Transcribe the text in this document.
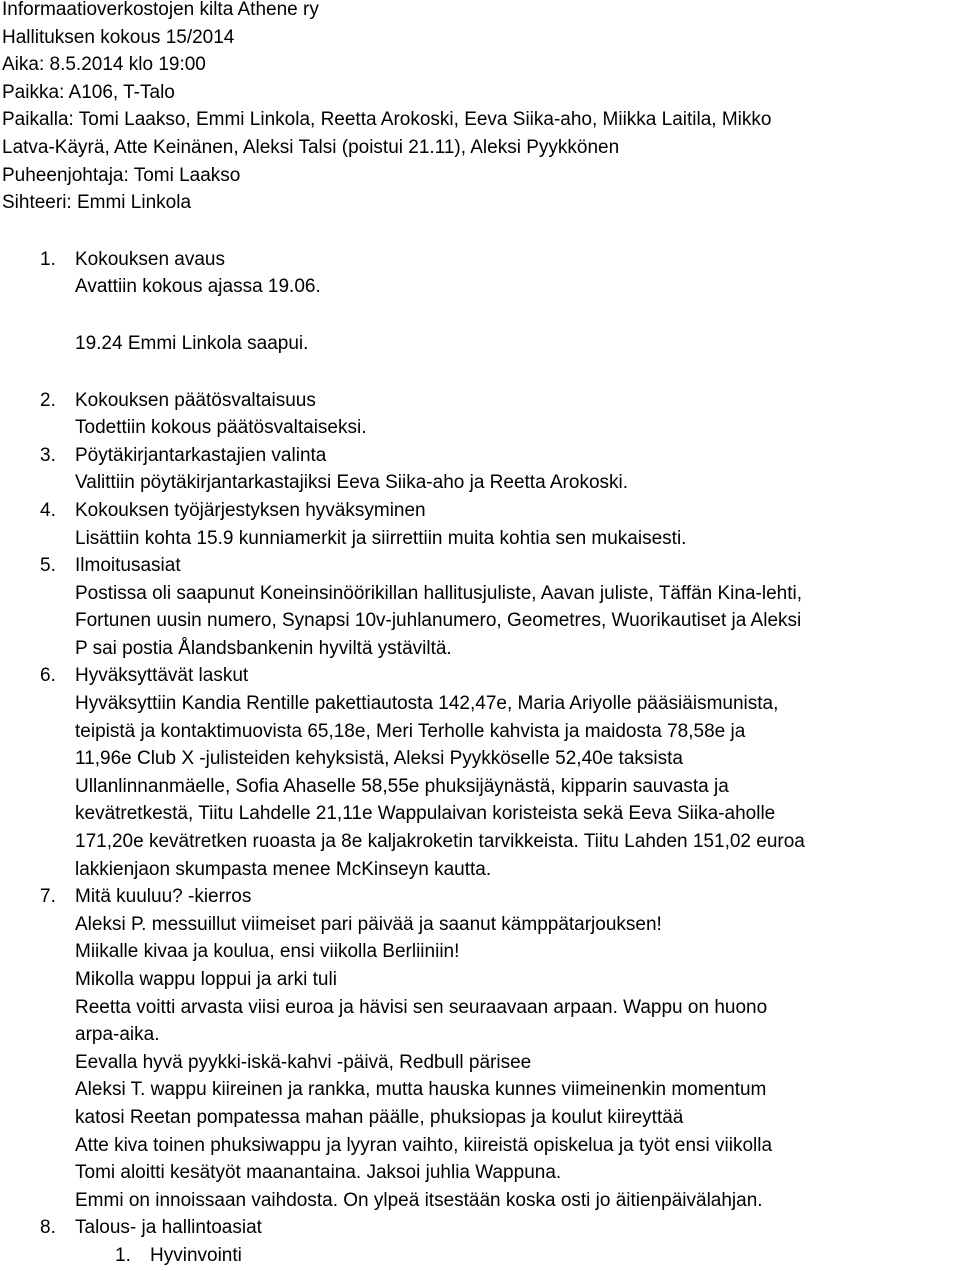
Informaatioverkostojen kilta Athene ry
Hallituksen kokous 15/2014
Aika: 8.5.2014 klo 19:00
Paikka: A106, T-Talo
Paikalla: Tomi Laakso, Emmi Linkola, Reetta Arokoski, Eeva Siika-aho, Miikka Laitila, Mikko
Latva-Käyrä, Atte Keinänen, Aleksi Talsi (poistui 21.11), Aleksi Pyykkönen
Puheenjohtaja: Tomi Laakso
Sihteeri: Emmi Linkola
1. Kokouksen avaus
Avattiin kokous ajassa 19.06.
19.24 Emmi Linkola saapui.
2. Kokouksen päätösvaltaisuus
Todettiin kokous päätösvaltaiseksi.
3. Pöytäkirjantarkastajien valinta
Valittiin pöytäkirjantarkastajiksi Eeva Siika-aho ja Reetta Arokoski.
4. Kokouksen työjärjestyksen hyväksyminen
Lisättiin kohta 15.9 kunniamerkit ja siirrettiin muita kohtia sen mukaisesti.
5. Ilmoitusasiat
Postissa oli saapunut Koneinsinöörikillan hallitusjuliste, Aavan juliste, Täffän Kina-lehti,
Fortunen uusin numero, Synapsi 10v-juhlanumero, Geometres, Wuorikautiset ja Aleksi
P sai postia Ålandsbankenin hyviltä ystäviltä.
6. Hyväksyttävät laskut
Hyväksyttiin Kandia Rentille pakettiautosta 142,47e, Maria Ariyolle pääsiäismunista,
teipistä ja kontaktimuovista 65,18e, Meri Terholle kahvista ja maidosta 78,58e ja
11,96e Club X -julisteiden kehyksistä, Aleksi Pyykköselle 52,40e taksista
Ullanlinnanmäelle, Sofia Ahaselle 58,55e phuksijäynästä, kipparin sauvasta ja
kevätretkestä, Tiitu Lahdelle 21,11e Wappulaivan koristeista sekä Eeva Siika-aholle
171,20e kevätretken ruoasta ja 8e kaljakroketin tarvikkeista. Tiitu Lahden 151,02 euroa
lakkienjaon skumpasta menee McKinseyn kautta.
7. Mitä kuuluu? -kierros
Aleksi P. messuillut viimeiset pari päivää ja saanut kämppätarjouksen!
Miikalle kivaa ja koulua, ensi viikolla Berliiniin!
Mikolla wappu loppui ja arki tuli
Reetta voitti arvasta viisi euroa ja hävisi sen seuraavaan arpaan. Wappu on huono
arpa-aika.
Eevalla hyvä pyykki-iskä-kahvi -päivä, Redbull pärisee
Aleksi T. wappu kiireinen ja rankka, mutta hauska kunnes viimeinenkin momentum
katosi Reetan pompatessa mahan päälle, phuksiopas ja koulut kiireyttää
Atte kiva toinen phuksiwappu ja lyyran vaihto, kiireistä opiskelua ja työt ensi viikolla
Tomi aloitti kesätyöt maanantaina. Jaksoi juhlia Wappuna.
Emmi on innoissaan vaihdosta. On ylpeä itsestään koska osti jo äitienpäivälahjan.
8. Talous- ja hallintoasiat
1. Hyvinvointi
